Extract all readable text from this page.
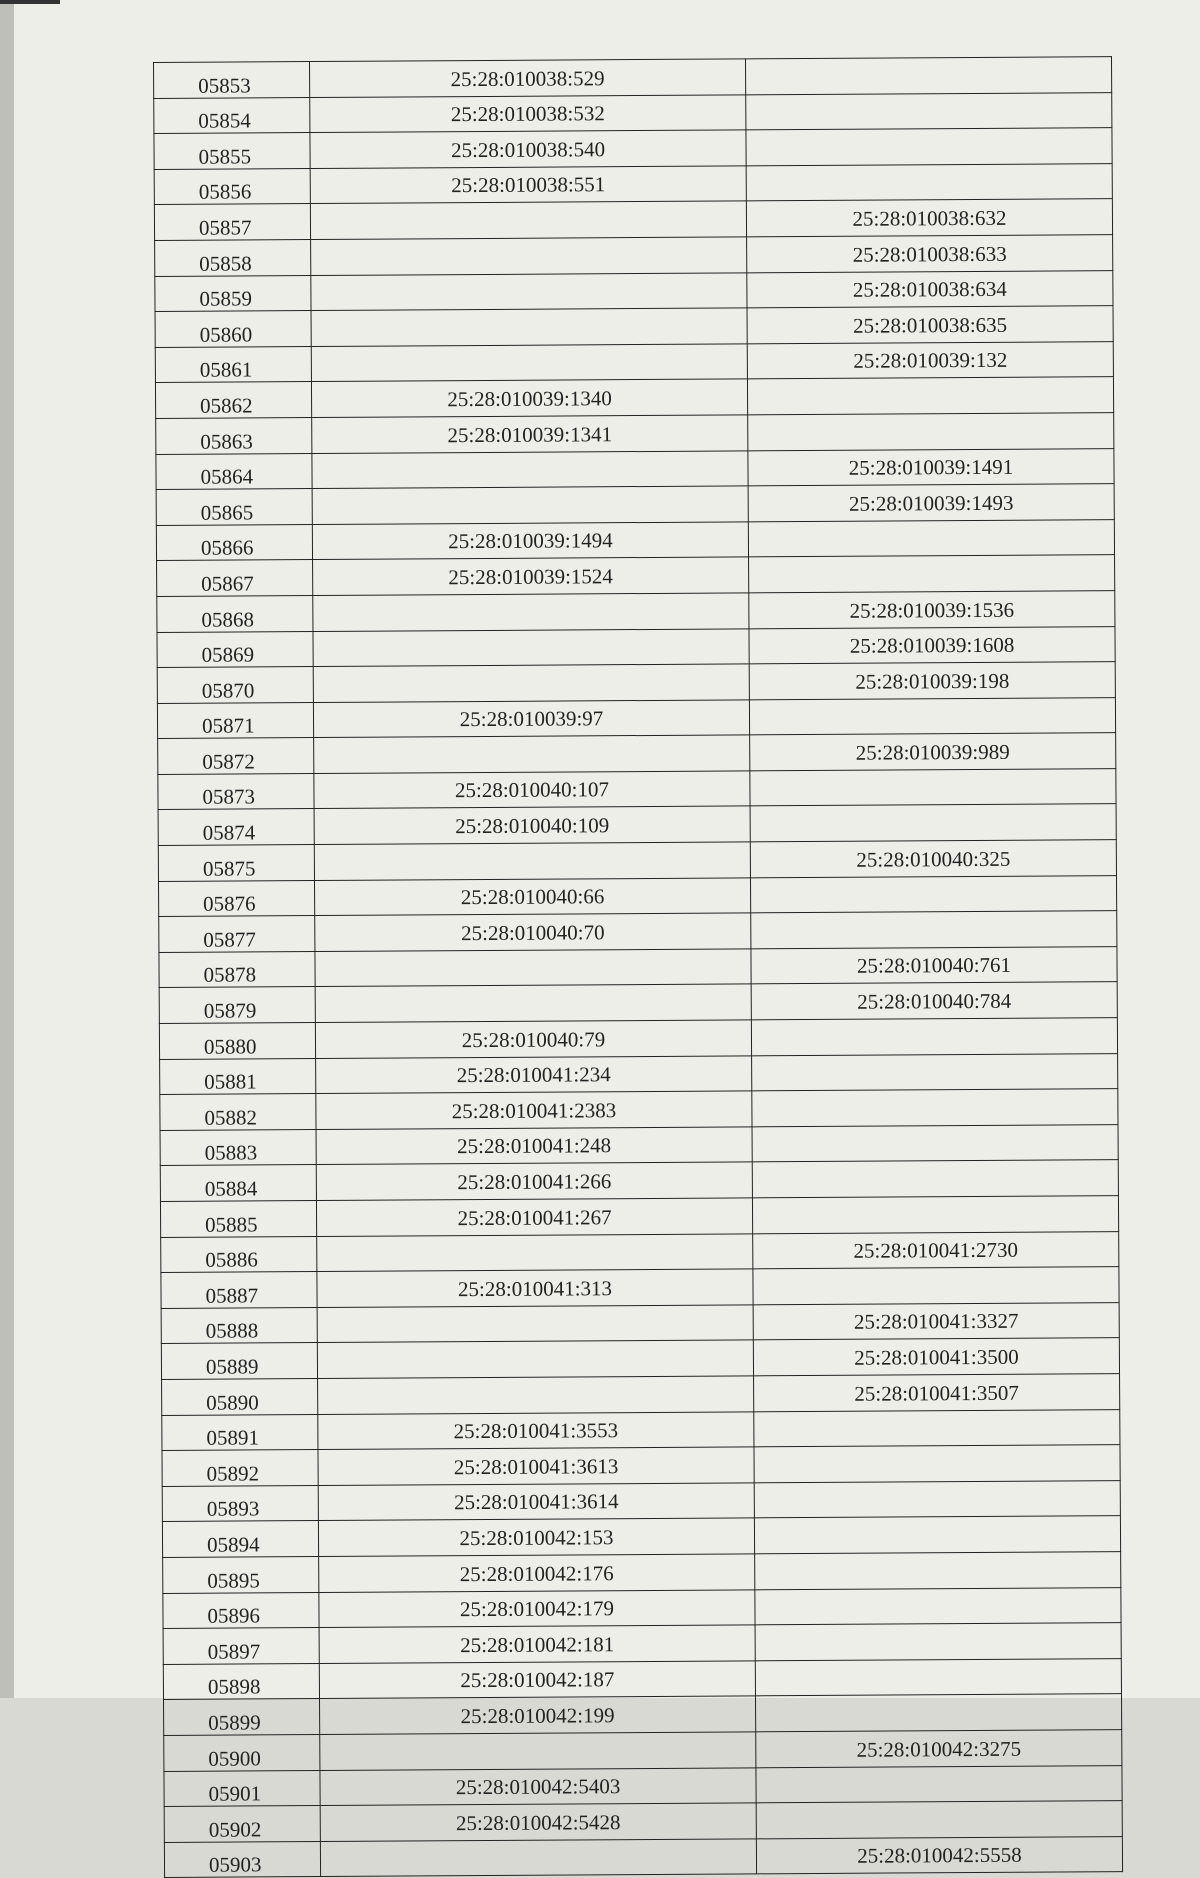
05853	25:28:010038:529	
05854	25:28:010038:532	
05855	25:28:010038:540	
05856	25:28:010038:551	
05857		25:28:010038:632
05858		25:28:010038:633
05859		25:28:010038:634
05860		25:28:010038:635
05861		25:28:010039:132
05862	25:28:010039:1340	
05863	25:28:010039:1341	
05864		25:28:010039:1491
05865		25:28:010039:1493
05866	25:28:010039:1494	
05867	25:28:010039:1524	
05868		25:28:010039:1536
05869		25:28:010039:1608
05870		25:28:010039:198
05871	25:28:010039:97	
05872		25:28:010039:989
05873	25:28:010040:107	
05874	25:28:010040:109	
05875		25:28:010040:325
05876	25:28:010040:66	
05877	25:28:010040:70	
05878		25:28:010040:761
05879		25:28:010040:784
05880	25:28:010040:79	
05881	25:28:010041:234	
05882	25:28:010041:2383	
05883	25:28:010041:248	
05884	25:28:010041:266	
05885	25:28:010041:267	
05886		25:28:010041:2730
05887	25:28:010041:313	
05888		25:28:010041:3327
05889		25:28:010041:3500
05890		25:28:010041:3507
05891	25:28:010041:3553	
05892	25:28:010041:3613	
05893	25:28:010041:3614	
05894	25:28:010042:153	
05895	25:28:010042:176	
05896	25:28:010042:179	
05897	25:28:010042:181	
05898	25:28:010042:187	
05899	25:28:010042:199	
05900		25:28:010042:3275
05901	25:28:010042:5403	
05902	25:28:010042:5428	
05903		25:28:010042:5558
